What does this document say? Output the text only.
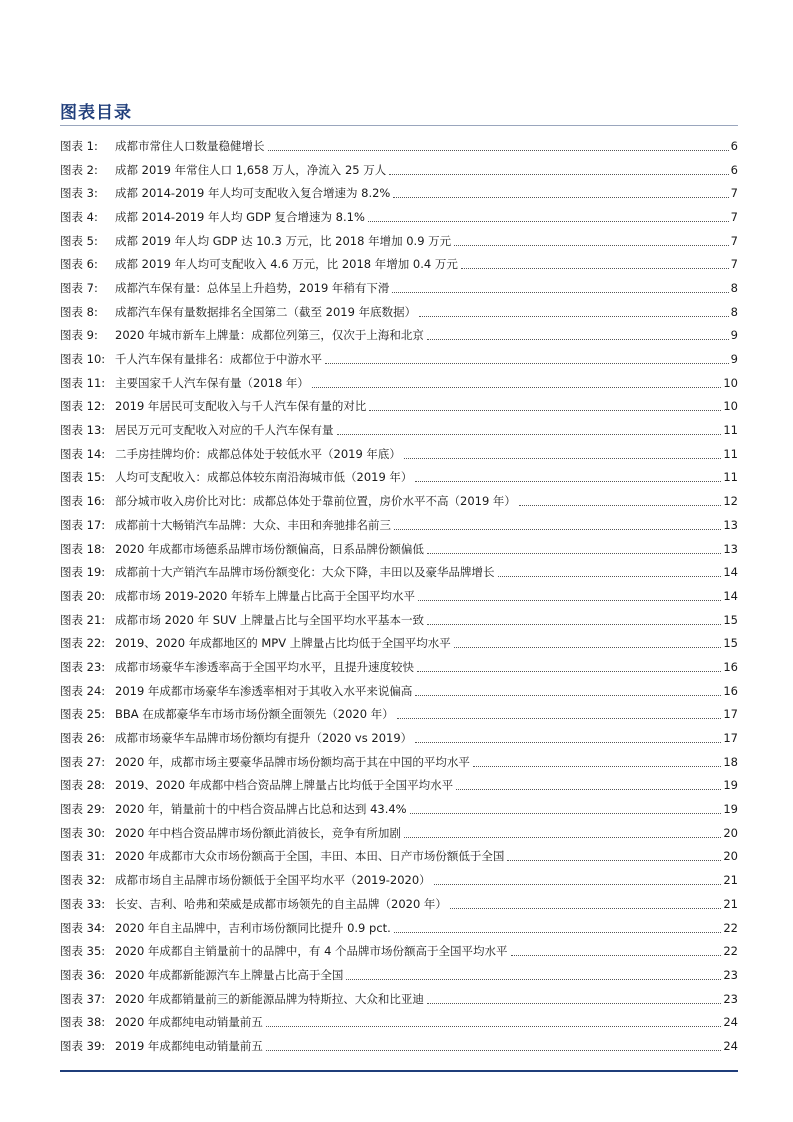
图表目录
图表 1:	成都市常住人口数量稳健增长	6
图表 2:	成都 2019 年常住人口 1,658 万人，净流入 25 万人	6
图表 3:	成都 2014-2019 年人均可支配收入复合增速为 8.2%	7
图表 4:	成都 2014-2019 年人均 GDP 复合增速为 8.1%	7
图表 5:	成都 2019 年人均 GDP 达 10.3 万元，比 2018 年增加 0.9 万元	7
图表 6:	成都 2019 年人均可支配收入 4.6 万元，比 2018 年增加 0.4 万元	7
图表 7:	成都汽车保有量：总体呈上升趋势，2019 年稍有下滑	8
图表 8:	成都汽车保有量数据排名全国第二（截至 2019 年底数据）	8
图表 9:	2020 年城市新车上牌量：成都位列第三，仅次于上海和北京	9
图表 10: 千人汽车保有量排名：成都位于中游水平	9
图表 11: 主要国家千人汽车保有量（2018 年）	10
图表 12: 2019 年居民可支配收入与千人汽车保有量的对比	10
图表 13: 居民万元可支配收入对应的千人汽车保有量	11
图表 14: 二手房挂牌均价：成都总体处于较低水平（2019 年底）	11
图表 15: 人均可支配收入：成都总体较东南沿海城市低（2019 年）	11
图表 16: 部分城市收入房价比对比：成都总体处于靠前位置，房价水平不高（2019 年）	12
图表 17: 成都前十大畅销汽车品牌：大众、丰田和奔驰排名前三	13
图表 18: 2020 年成都市场德系品牌市场份额偏高，日系品牌份额偏低	13
图表 19: 成都前十大产销汽车品牌市场份额变化：大众下降，丰田以及豪华品牌增长	14
图表 20: 成都市场 2019-2020 年轿车上牌量占比高于全国平均水平	14
图表 21: 成都市场 2020 年 SUV 上牌量占比与全国平均水平基本一致	15
图表 22: 2019、2020 年成都地区的 MPV 上牌量占比均低于全国平均水平	15
图表 23: 成都市场豪华车渗透率高于全国平均水平，且提升速度较快	16
图表 24: 2019 年成都市场豪华车渗透率相对于其收入水平来说偏高	16
图表 25: BBA 在成都豪华车市场市场份额全面领先（2020 年）	17
图表 26: 成都市场豪华车品牌市场份额均有提升（2020 vs 2019）	17
图表 27: 2020 年，成都市场主要豪华品牌市场份额均高于其在中国的平均水平	18
图表 28: 2019、2020 年成都中档合资品牌上牌量占比均低于全国平均水平	19
图表 29: 2020 年，销量前十的中档合资品牌占比总和达到 43.4%	19
图表 30: 2020 年中档合资品牌市场份额此消彼长，竞争有所加剧	20
图表 31: 2020 年成都市大众市场份额高于全国，丰田、本田、日产市场份额低于全国	20
图表 32: 成都市场自主品牌市场份额低于全国平均水平（2019-2020）	21
图表 33: 长安、吉利、哈弗和荣威是成都市场领先的自主品牌（2020 年）	21
图表 34: 2020 年自主品牌中，吉利市场份额同比提升 0.9 pct.	22
图表 35: 2020 年成都自主销量前十的品牌中，有 4 个品牌市场份额高于全国平均水平	22
图表 36: 2020 年成都新能源汽车上牌量占比高于全国	23
图表 37: 2020 年成都销量前三的新能源品牌为特斯拉、大众和比亚迪	23
图表 38: 2020 年成都纯电动销量前五	24
图表 39: 2019 年成都纯电动销量前五	24
